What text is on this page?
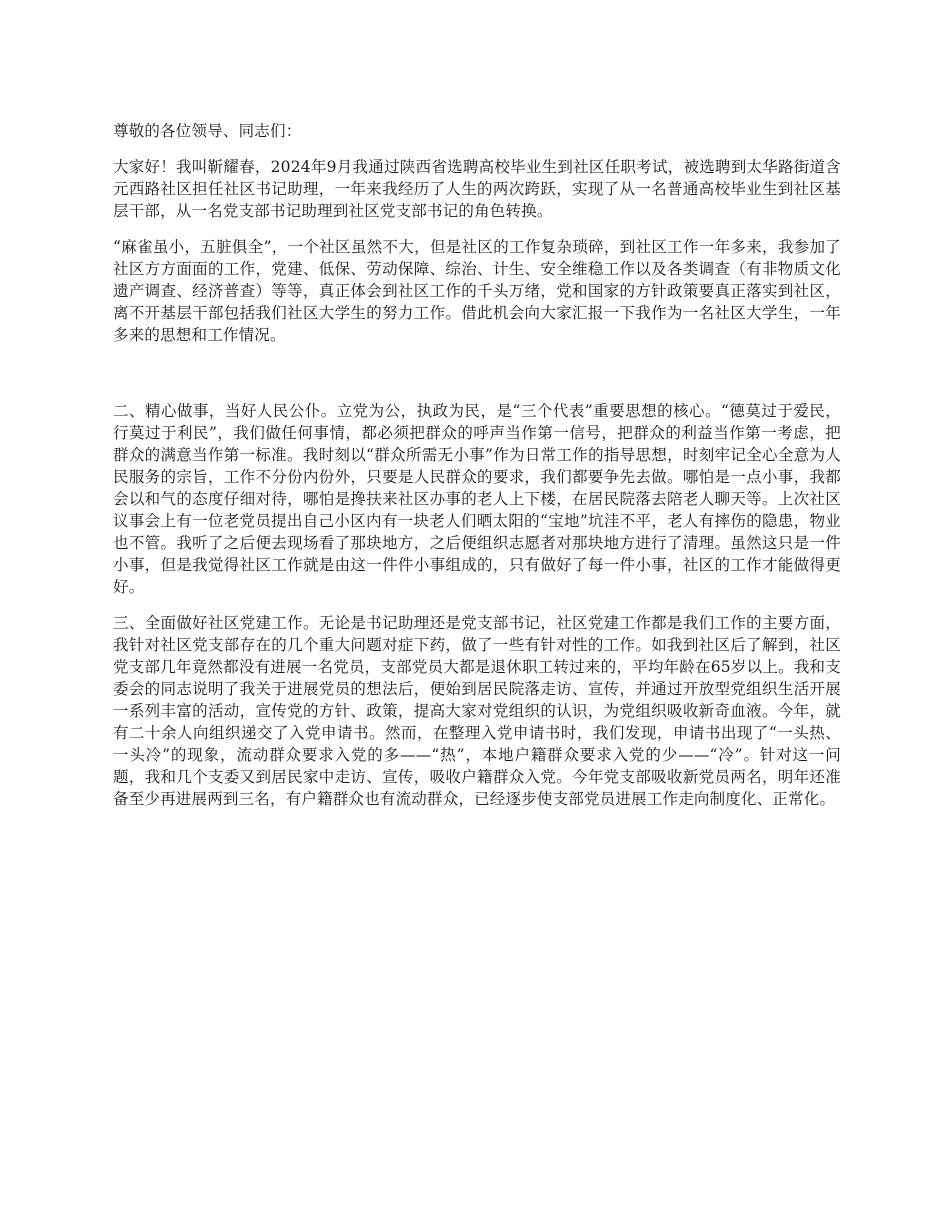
尊敬的各位领导、同志们：

大家好！我叫靳耀春，2024年9月我通过陕西省选聘高校毕业生到社区任职考试，被选聘到太华路街道含元西路社区担任社区书记助理，一年来我经历了人生的两次跨跃，实现了从一名普通高校毕业生到社区基层干部，从一名党支部书记助理到社区党支部书记的角色转换。

“麻雀虽小，五脏俱全”，一个社区虽然不大，但是社区的工作复杂琐碎，到社区工作一年多来，我参加了社区方方面面的工作，党建、低保、劳动保障、综治、计生、安全维稳工作以及各类调查（有非物质文化遗产调查、经济普查）等等，真正体会到社区工作的千头万绪，党和国家的方针政策要真正落实到社区，离不开基层干部包括我们社区大学生的努力工作。借此机会向大家汇报一下我作为一名社区大学生，一年多来的思想和工作情况。

二、精心做事，当好人民公仆。立党为公，执政为民，是“三个代表”重要思想的核心。“德莫过于爱民，行莫过于利民”，我们做任何事情，都必须把群众的呼声当作第一信号，把群众的利益当作第一考虑，把群众的满意当作第一标准。我时刻以“群众所需无小事”作为日常工作的指导思想，时刻牢记全心全意为人民服务的宗旨，工作不分份内份外，只要是人民群众的要求，我们都要争先去做。哪怕是一点小事，我都会以和气的态度仔细对待，哪怕是搀扶来社区办事的老人上下楼，在居民院落去陪老人聊天等。上次社区议事会上有一位老党员提出自己小区内有一块老人们晒太阳的“宝地”坑洼不平，老人有摔伤的隐患，物业也不管。我听了之后便去现场看了那块地方，之后便组织志愿者对那块地方进行了清理。虽然这只是一件小事，但是我觉得社区工作就是由这一件件小事组成的，只有做好了每一件小事，社区的工作才能做得更好。

三、全面做好社区党建工作。无论是书记助理还是党支部书记，社区党建工作都是我们工作的主要方面，我针对社区党支部存在的几个重大问题对症下药，做了一些有针对性的工作。如我到社区后了解到，社区党支部几年竟然都没有进展一名党员，支部党员大都是退休职工转过来的，平均年龄在65岁以上。我和支委会的同志说明了我关于进展党员的想法后，便始到居民院落走访、宣传，并通过开放型党组织生活开展一系列丰富的活动，宣传党的方针、政策，提高大家对党组织的认识，为党组织吸收新奇血液。今年，就有二十余人向组织递交了入党申请书。然而，在整理入党申请书时，我们发现，申请书出现了“一头热、一头冷”的现象，流动群众要求入党的多——“热”，本地户籍群众要求入党的少——“冷”。针对这一问题，我和几个支委又到居民家中走访、宣传，吸收户籍群众入党。今年党支部吸收新党员两名，明年还准备至少再进展两到三名，有户籍群众也有流动群众，已经逐步使支部党员进展工作走向制度化、正常化。
